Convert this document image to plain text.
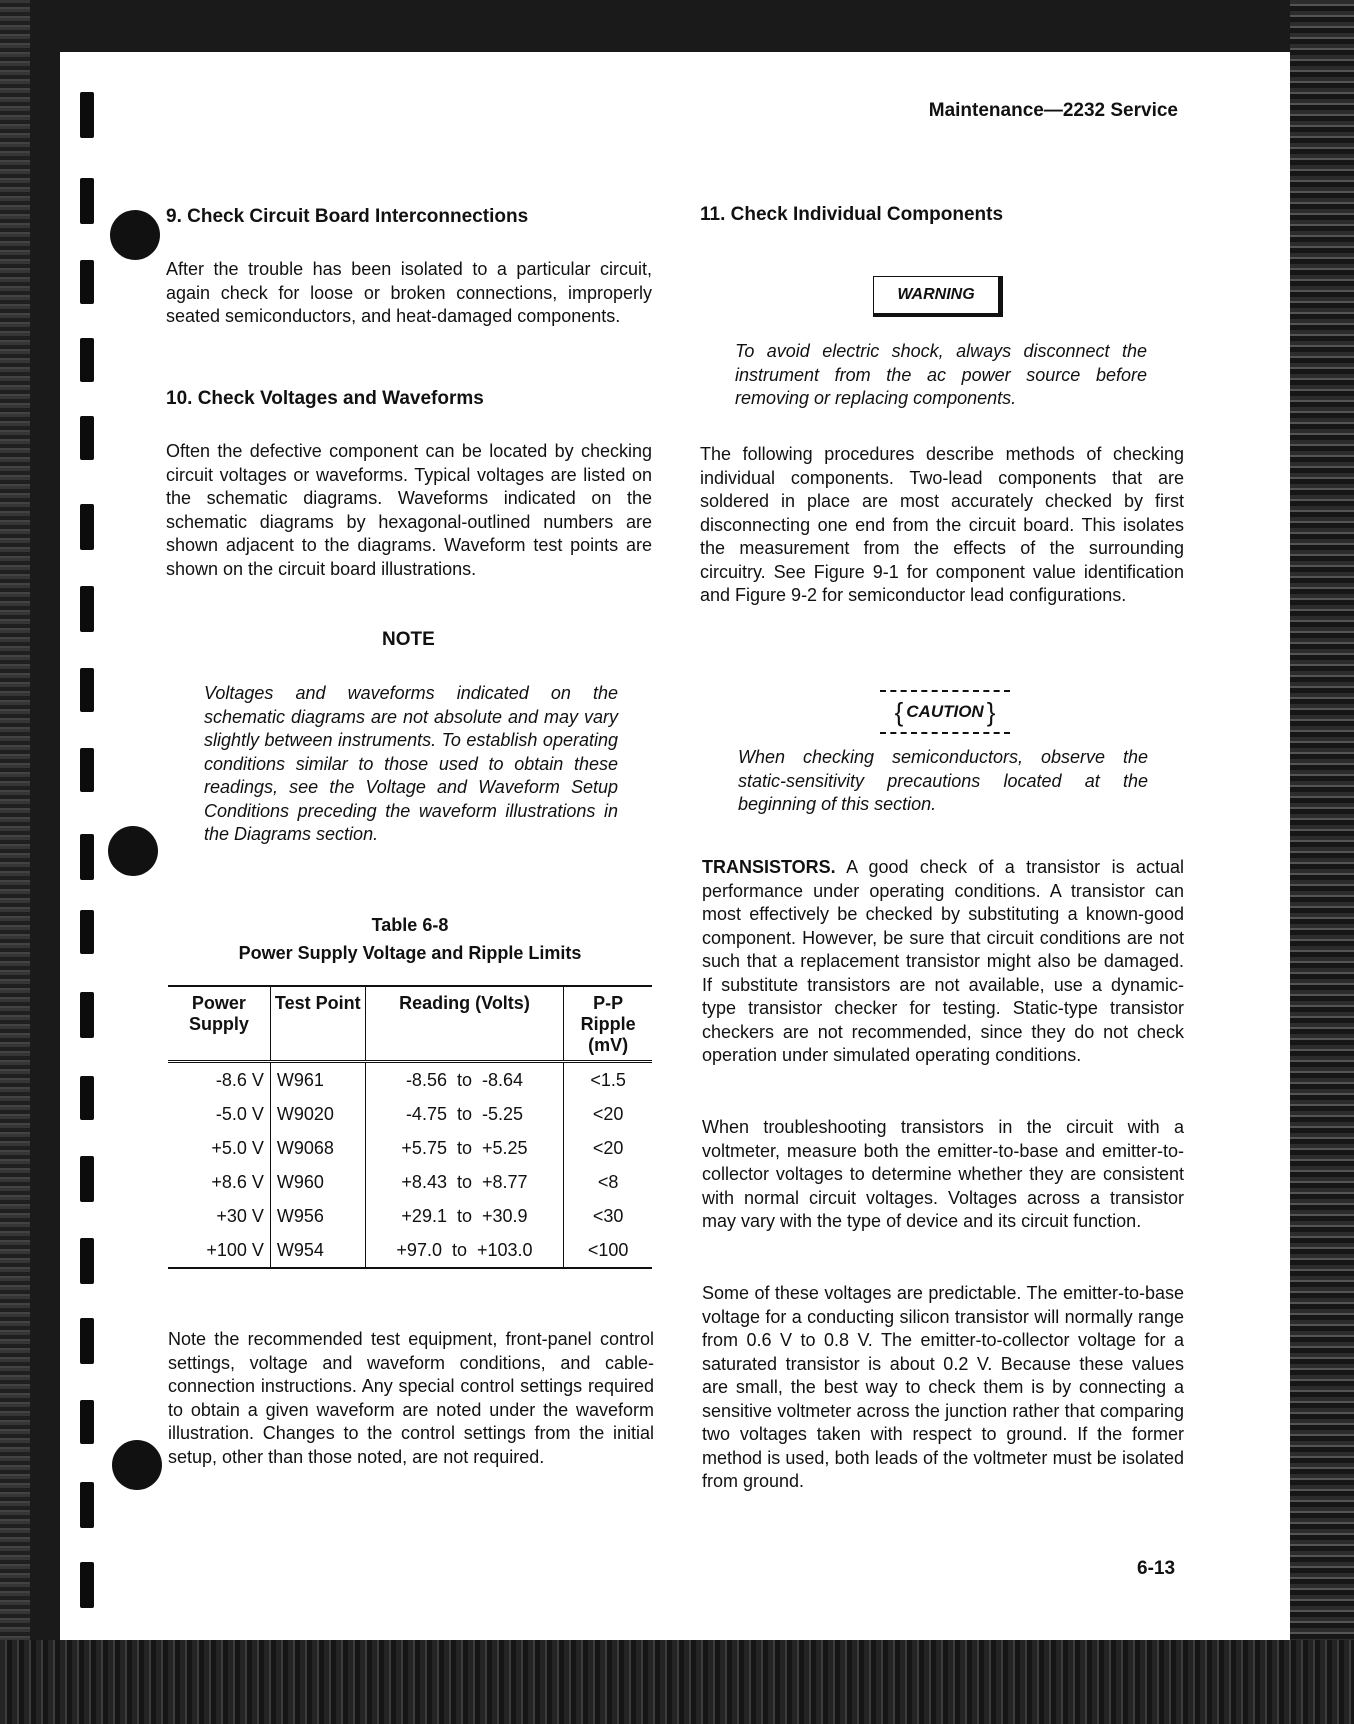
Maintenance—2232 Service
9. Check Circuit Board Interconnections
After the trouble has been isolated to a particular circuit, again check for loose or broken connections, improperly seated semiconductors, and heat-damaged components.
10. Check Voltages and Waveforms
Often the defective component can be located by checking circuit voltages or waveforms. Typical voltages are listed on the schematic diagrams. Waveforms indicated on the schematic diagrams by hexagonal-outlined numbers are shown adjacent to the diagrams. Waveform test points are shown on the circuit board illustrations.
NOTE
Voltages and waveforms indicated on the schematic diagrams are not absolute and may vary slightly between instruments. To establish operating conditions similar to those used to obtain these readings, see the Voltage and Waveform Setup Conditions preceding the waveform illustrations in the Diagrams section.
Table 6-8
Power Supply Voltage and Ripple Limits
Power Supply	Test Point	Reading (Volts)	P-P Ripple (mV)
-8.6 V	W961	-8.56  to  -8.64	<1.5
-5.0 V	W9020	-4.75  to  -5.25	<20
+5.0 V	W9068	+5.75  to  +5.25	<20
+8.6 V	W960	+8.43  to  +8.77	<8
+30 V	W956	+29.1  to  +30.9	<30
+100 V	W954	+97.0  to  +103.0	<100
Note the recommended test equipment, front-panel control settings, voltage and waveform conditions, and cable-connection instructions. Any special control settings required to obtain a given waveform are noted under the waveform illustration. Changes to the control settings from the initial setup, other than those noted, are not required.
11. Check Individual Components
WARNING
To avoid electric shock, always disconnect the instrument from the ac power source before removing or replacing components.
The following procedures describe methods of checking individual components. Two-lead components that are soldered in place are most accurately checked by first disconnecting one end from the circuit board. This isolates the measurement from the effects of the surrounding circuitry. See Figure 9-1 for component value identification and Figure 9-2 for semiconductor lead configurations.
{ CAUTION }
When checking semiconductors, observe the static-sensitivity precautions located at the beginning of this section.
TRANSISTORS. A good check of a transistor is actual performance under operating conditions. A transistor can most effectively be checked by substituting a known-good component. However, be sure that circuit conditions are not such that a replacement transistor might also be damaged. If substitute transistors are not available, use a dynamic-type transistor checker for testing. Static-type transistor checkers are not recommended, since they do not check operation under simulated operating conditions.
When troubleshooting transistors in the circuit with a voltmeter, measure both the emitter-to-base and emitter-to-collector voltages to determine whether they are consistent with normal circuit voltages. Voltages across a transistor may vary with the type of device and its circuit function.
Some of these voltages are predictable. The emitter-to-base voltage for a conducting silicon transistor will normally range from 0.6 V to 0.8 V. The emitter-to-collector voltage for a saturated transistor is about 0.2 V. Because these values are small, the best way to check them is by connecting a sensitive voltmeter across the junction rather that comparing two voltages taken with respect to ground. If the former method is used, both leads of the voltmeter must be isolated from ground.
6-13
